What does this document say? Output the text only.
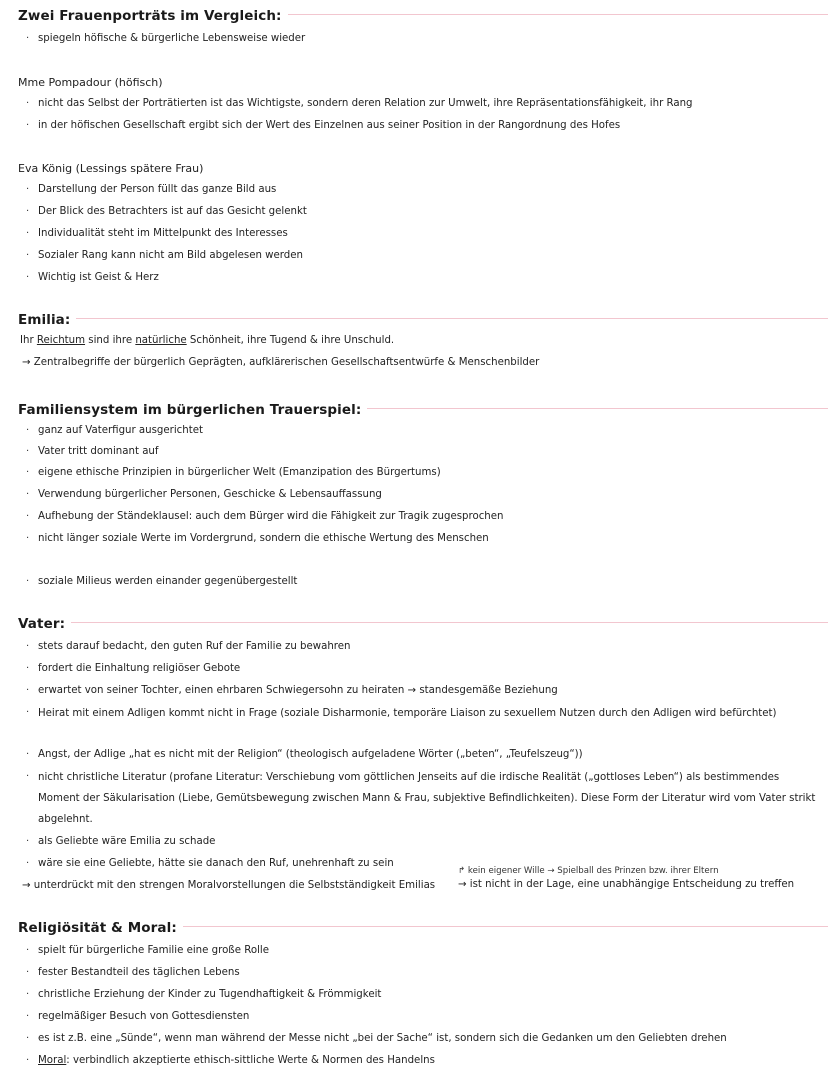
Zwei Frauenporträts im Vergleich:
· spiegeln höfische & bürgerliche Lebensweise wieder
Mme Pompadour (höfisch)
· nicht das Selbst der Porträtierten ist das Wichtigste, sondern deren Relation zur Umwelt, ihre Repräsentationsfähigkeit, ihr Rang
· in der höfischen Gesellschaft ergibt sich der Wert des Einzelnen aus seiner Position in der Rangordnung des Hofes
Eva König (Lessings spätere Frau)
· Darstellung der Person füllt das ganze Bild aus
· Der Blick des Betrachters ist auf das Gesicht gelenkt
· Individualität steht im Mittelpunkt des Interesses
· Sozialer Rang kann nicht am Bild abgelesen werden
· Wichtig ist Geist & Herz
Emilia:
Ihr Reichtum sind ihre natürliche Schönheit, ihre Tugend & ihre Unschuld.
→ Zentralbegriffe der bürgerlich Geprägten, aufklärerischen Gesellschaftsentwürfe & Menschenbilder
Familiensystem im bürgerlichen Trauerspiel:
· ganz auf Vaterfigur ausgerichtet
· Vater tritt dominant auf
· eigene ethische Prinzipien in bürgerlicher Welt (Emanzipation des Bürgertums)
· Verwendung bürgerlicher Personen, Geschicke & Lebensauffassung
· Aufhebung der Ständeklausel: auch dem Bürger wird die Fähigkeit zur Tragik zugesprochen
· nicht länger soziale Werte im Vordergrund, sondern die ethische Wertung des Menschen
· soziale Milieus werden einander gegenübergestellt
Vater:
· stets darauf bedacht, den guten Ruf der Familie zu bewahren
· fordert die Einhaltung religiöser Gebote
· erwartet von seiner Tochter, einen ehrbaren Schwiegersohn zu heiraten → standesgemäße Beziehung
· Heirat mit einem Adligen kommt nicht in Frage (soziale Disharmonie, temporäre Liaison zu sexuellem Nutzen durch den Adligen wird befürchtet)
· Angst, der Adlige „hat es nicht mit der Religion“ (theologisch aufgeladene Wörter („beten“, „Teufelszeug“))
· nicht christliche Literatur (profane Literatur: Verschiebung vom göttlichen Jenseits auf die irdische Realität („gottloses Leben“) als bestimmendes Moment der Säkularisation (Liebe, Gemütsbewegung zwischen Mann & Frau, subjektive Befindlichkeiten). Diese Form der Literatur wird vom Vater strikt abgelehnt.
· als Geliebte wäre Emilia zu schade
· wäre sie eine Geliebte, hätte sie danach den Ruf, unehrenhaft zu sein
↱ kein eigener Wille → Spielball des Prinzen bzw. ihrer Eltern
→ unterdrückt mit den strengen Moralvorstellungen die Selbstständigkeit Emilias	→ ist nicht in der Lage, eine unabhängige Entscheidung zu treffen
Religiösität & Moral:
· spielt für bürgerliche Familie eine große Rolle
· fester Bestandteil des täglichen Lebens
· christliche Erziehung der Kinder zu Tugendhaftigkeit & Frömmigkeit
· regelmäßiger Besuch von Gottesdiensten
· es ist z.B. eine „Sünde“, wenn man während der Messe nicht „bei der Sache“ ist, sondern sich die Gedanken um den Geliebten drehen
· Moral: verbindlich akzeptierte ethisch-sittliche Werte & Normen des Handelns
